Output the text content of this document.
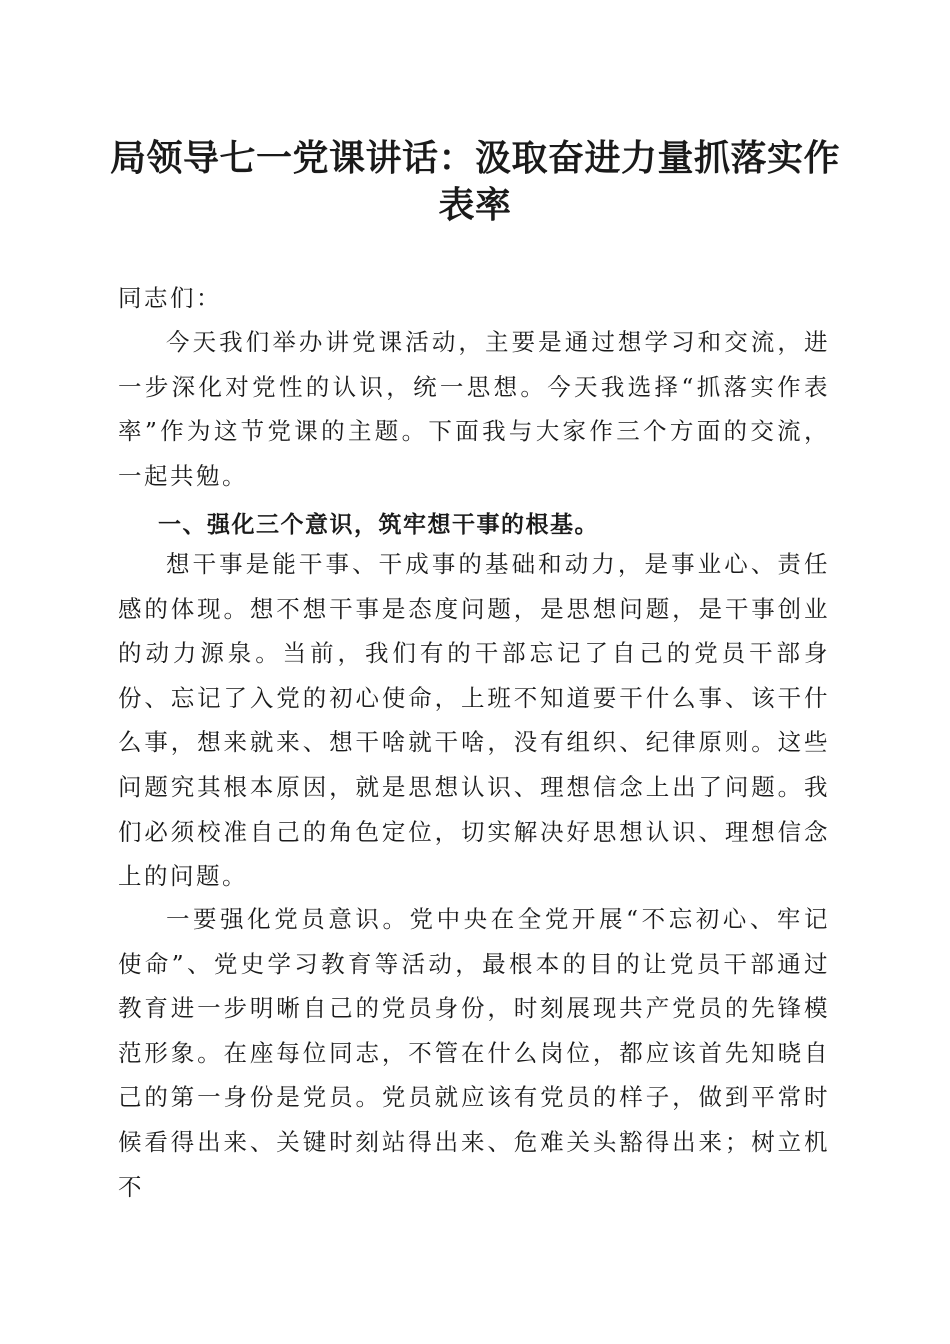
局领导七一党课讲话：汲取奋进力量抓落实作
表率

同志们：

今天我们举办讲党课活动，主要是通过想学习和交流，进一步深化对党性的认识，统一思想。今天我选择“抓落实作表率”作为这节党课的主题。下面我与大家作三个方面的交流，一起共勉。

一、强化三个意识，筑牢想干事的根基。

想干事是能干事、干成事的基础和动力，是事业心、责任感的体现。想不想干事是态度问题，是思想问题，是干事创业的动力源泉。当前，我们有的干部忘记了自己的党员干部身份、忘记了入党的初心使命，上班不知道要干什么事、该干什么事，想来就来、想干啥就干啥，没有组织、纪律原则。这些问题究其根本原因，就是思想认识、理想信念上出了问题。我们必须校准自己的角色定位，切实解决好思想认识、理想信念上的问题。

一要强化党员意识。党中央在全党开展“不忘初心、牢记使命”、党史学习教育等活动，最根本的目的让党员干部通过教育进一步明晰自己的党员身份，时刻展现共产党员的先锋模范形象。在座每位同志，不管在什么岗位，都应该首先知晓自己的第一身份是党员。党员就应该有党员的样子，做到平常时候看得出来、关键时刻站得出来、危难关头豁得出来；树立机不
